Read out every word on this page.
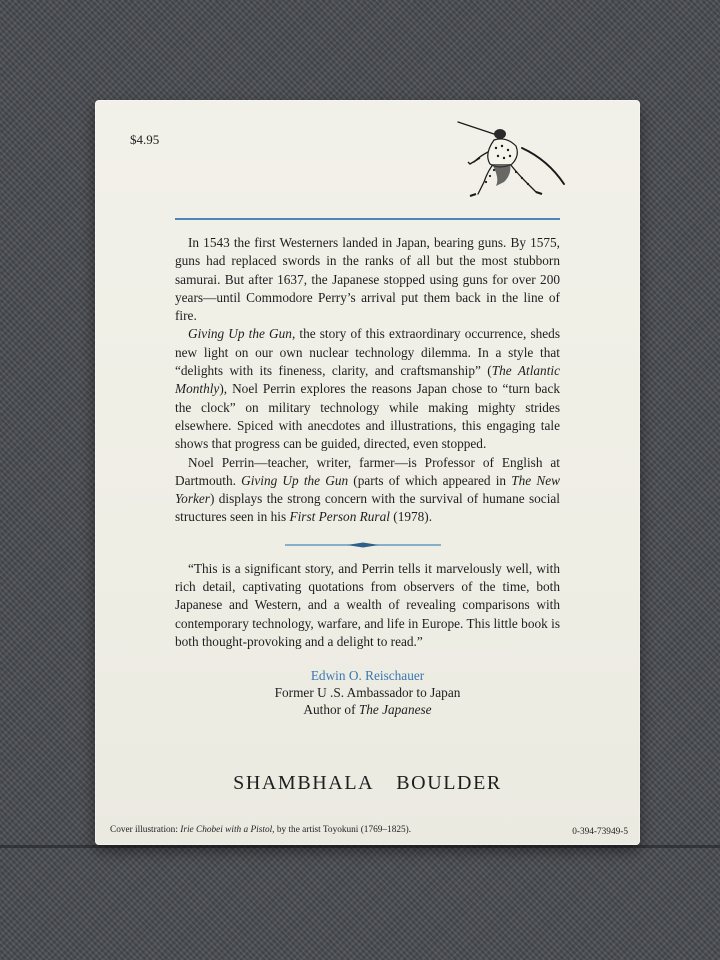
$4.95

In 1543 the first Westerners landed in Japan, bearing guns. By 1575, guns had replaced swords in the ranks of all but the most stubborn samurai. But after 1637, the Japanese stopped using guns for over 200 years—until Commodore Perry’s arrival put them back in the line of fire.

Giving Up the Gun, the story of this extraordinary occurrence, sheds new light on our own nuclear technology dilemma. In a style that “delights with its fineness, clarity, and craftsmanship” (The Atlantic Monthly), Noel Perrin explores the reasons Japan chose to “turn back the clock” on military technology while making mighty strides elsewhere. Spiced with anecdotes and illustrations, this engaging tale shows that progress can be guided, directed, even stopped.

Noel Perrin—teacher, writer, farmer—is Professor of English at Dartmouth. Giving Up the Gun (parts of which appeared in The New Yorker) displays the strong concern with the survival of humane social structures seen in his First Person Rural (1978).

“This is a significant story, and Perrin tells it marvelously well, with rich detail, captivating quotations from observers of the time, both Japanese and Western, and a wealth of revealing comparisons with contemporary technology, warfare, and life in Europe. This little book is both thought-provoking and a delight to read.”

Edwin O. Reischauer
Former U .S. Ambassador to Japan
Author of The Japanese
SHAMBHALA BOULDER
Cover illustration: Irie Chobei with a Pistol, by the artist Toyokuni (1769–1825).	0-394-73949-5
